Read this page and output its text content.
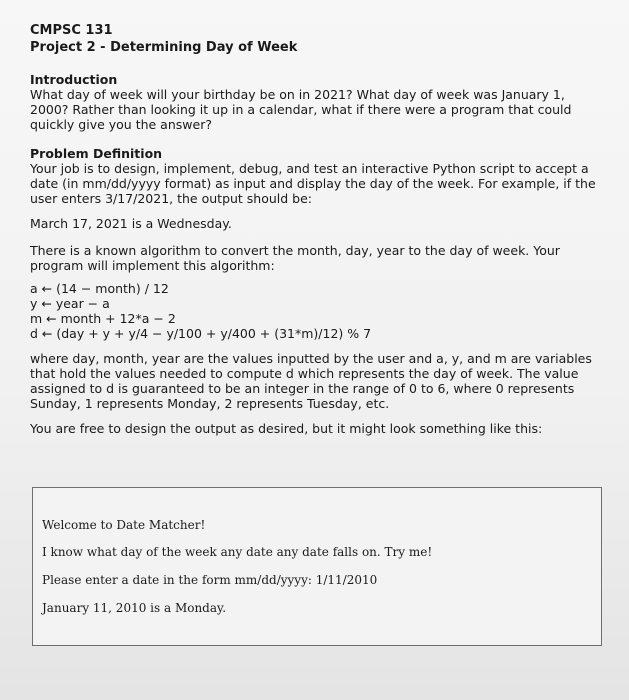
CMPSC 131
Project 2 - Determining Day of Week
Introduction
What day of week will your birthday be on in 2021? What day of week was January 1,
2000? Rather than looking it up in a calendar, what if there were a program that could
quickly give you the answer?
Problem Definition
Your job is to design, implement, debug, and test an interactive Python script to accept a
date (in mm/dd/yyyy format) as input and display the day of the week. For example, if the
user enters 3/17/2021, the output should be:
March 17, 2021 is a Wednesday.
There is a known algorithm to convert the month, day, year to the day of week. Your
program will implement this algorithm:
a ← (14 − month) / 12
y ← year − a
m ← month + 12*a − 2
d ← (day + y + y/4 − y/100 + y/400 + (31*m)/12) % 7
where day, month, year are the values inputted by the user and a, y, and m are variables
that hold the values needed to compute d which represents the day of week. The value
assigned to d is guaranteed to be an integer in the range of 0 to 6, where 0 represents
Sunday, 1 represents Monday, 2 represents Tuesday, etc.
You are free to design the output as desired, but it might look something like this:
Welcome to Date Matcher!
I know what day of the week any date any date falls on. Try me!
Please enter a date in the form mm/dd/yyyy: 1/11/2010
January 11, 2010 is a Monday.
